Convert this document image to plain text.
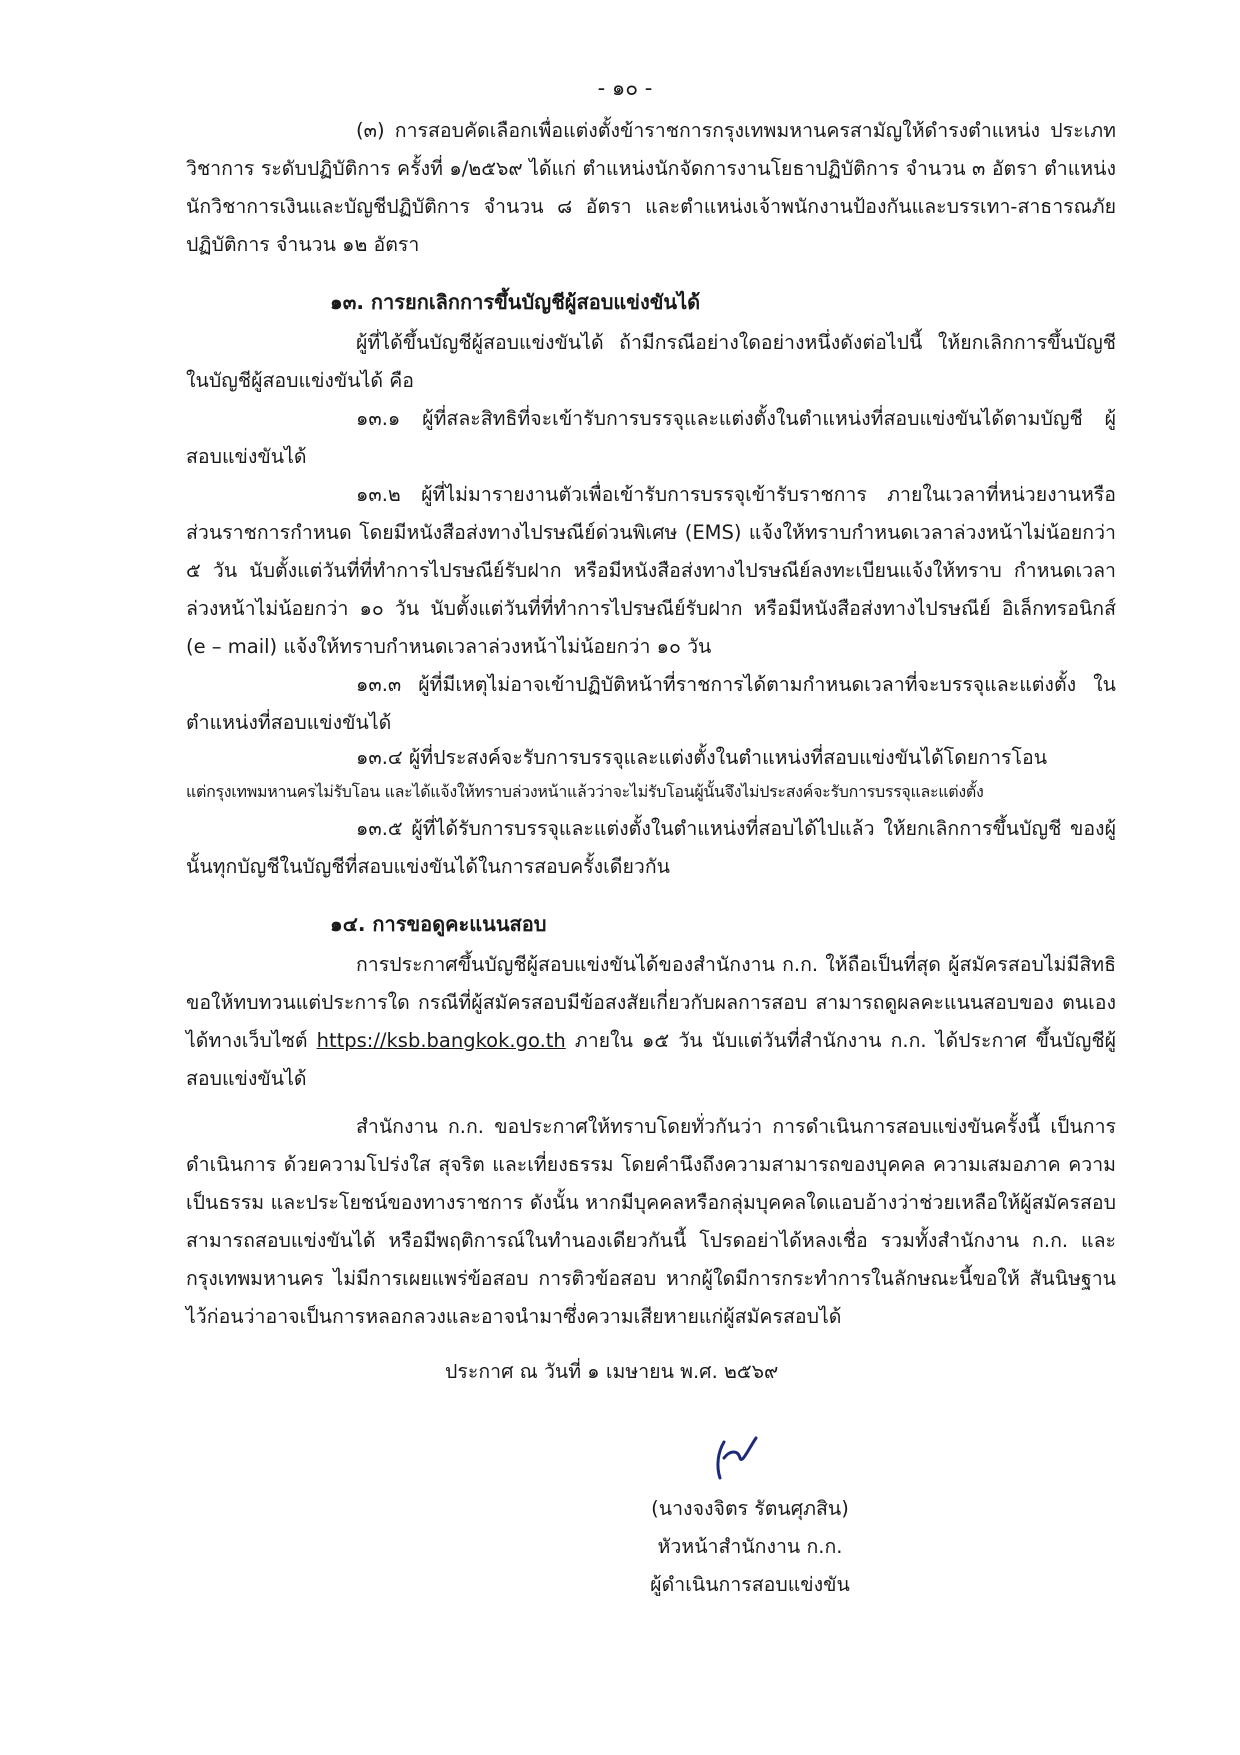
- ๑๐ -

(๓) การสอบคัดเลือกเพื่อแต่งตั้งข้าราชการกรุงเทพมหานครสามัญให้ดำรงตำแหน่ง ประเภทวิชาการ ระดับปฏิบัติการ ครั้งที่ ๑/๒๕๖๙ ได้แก่ ตำแหน่งนักจัดการงานโยธาปฏิบัติการ จำนวน ๓ อัตรา ตำแหน่งนักวิชาการเงินและบัญชีปฏิบัติการ จำนวน ๘ อัตรา และตำแหน่งเจ้าพนักงานป้องกันและบรรเทา-สาธารณภัยปฏิบัติการ จำนวน ๑๒ อัตรา

๑๓. การยกเลิกการขึ้นบัญชีผู้สอบแข่งขันได้

ผู้ที่ได้ขึ้นบัญชีผู้สอบแข่งขันได้ ถ้ามีกรณีอย่างใดอย่างหนึ่งดังต่อไปนี้ ให้ยกเลิกการขึ้นบัญชี ในบัญชีผู้สอบแข่งขันได้ คือ

๑๓.๑ ผู้ที่สละสิทธิที่จะเข้ารับการบรรจุและแต่งตั้งในตำแหน่งที่สอบแข่งขันได้ตามบัญชี ผู้สอบแข่งขันได้

๑๓.๒ ผู้ที่ไม่มารายงานตัวเพื่อเข้ารับการบรรจุเข้ารับราชการ ภายในเวลาที่หน่วยงานหรือ ส่วนราชการกำหนด โดยมีหนังสือส่งทางไปรษณีย์ด่วนพิเศษ (EMS) แจ้งให้ทราบกำหนดเวลาล่วงหน้าไม่น้อยกว่า ๕ วัน นับตั้งแต่วันที่ที่ทำการไปรษณีย์รับฝาก หรือมีหนังสือส่งทางไปรษณีย์ลงทะเบียนแจ้งให้ทราบ กำหนดเวลาล่วงหน้าไม่น้อยกว่า ๑๐ วัน นับตั้งแต่วันที่ที่ทำการไปรษณีย์รับฝาก หรือมีหนังสือส่งทางไปรษณีย์ อิเล็กทรอนิกส์ (e – mail) แจ้งให้ทราบกำหนดเวลาล่วงหน้าไม่น้อยกว่า ๑๐ วัน

๑๓.๓ ผู้ที่มีเหตุไม่อาจเข้าปฏิบัติหน้าที่ราชการได้ตามกำหนดเวลาที่จะบรรจุและแต่งตั้ง ในตำแหน่งที่สอบแข่งขันได้

๑๓.๔ ผู้ที่ประสงค์จะรับการบรรจุและแต่งตั้งในตำแหน่งที่สอบแข่งขันได้โดยการโอน

แต่กรุงเทพมหานครไม่รับโอน และได้แจ้งให้ทราบล่วงหน้าแล้วว่าจะไม่รับโอนผู้นั้นจึงไม่ประสงค์จะรับการบรรจุและแต่งตั้ง

๑๓.๕ ผู้ที่ได้รับการบรรจุและแต่งตั้งในตำแหน่งที่สอบได้ไปแล้ว ให้ยกเลิกการขึ้นบัญชี ของผู้นั้นทุกบัญชีในบัญชีที่สอบแข่งขันได้ในการสอบครั้งเดียวกัน

๑๔. การขอดูคะแนนสอบ

การประกาศขึ้นบัญชีผู้สอบแข่งขันได้ของสำนักงาน ก.ก. ให้ถือเป็นที่สุด ผู้สมัครสอบไม่มีสิทธิ ขอให้ทบทวนแต่ประการใด กรณีที่ผู้สมัครสอบมีข้อสงสัยเกี่ยวกับผลการสอบ สามารถดูผลคะแนนสอบของ ตนเองได้ทางเว็บไซต์ https://ksb.bangkok.go.th ภายใน ๑๕ วัน นับแต่วันที่สำนักงาน ก.ก. ได้ประกาศ ขึ้นบัญชีผู้สอบแข่งขันได้

สำนักงาน ก.ก. ขอประกาศให้ทราบโดยทั่วกันว่า การดำเนินการสอบแข่งขันครั้งนี้ เป็นการดำเนินการ ด้วยความโปร่งใส สุจริต และเที่ยงธรรม โดยคำนึงถึงความสามารถของบุคคล ความเสมอภาค ความเป็นธรรม และประโยชน์ของทางราชการ ดังนั้น หากมีบุคคลหรือกลุ่มบุคคลใดแอบอ้างว่าช่วยเหลือให้ผู้สมัครสอบ สามารถสอบแข่งขันได้ หรือมีพฤติการณ์ในทำนองเดียวกันนี้ โปรดอย่าได้หลงเชื่อ รวมทั้งสำนักงาน ก.ก. และ กรุงเทพมหานคร ไม่มีการเผยแพร่ข้อสอบ การติวข้อสอบ หากผู้ใดมีการกระทำการในลักษณะนี้ขอให้ สันนิษฐานไว้ก่อนว่าอาจเป็นการหลอกลวงและอาจนำมาซึ่งความเสียหายแก่ผู้สมัครสอบได้

ประกาศ ณ วันที่ ๑ เมษายน พ.ศ. ๒๕๖๙

(นางจงจิตร รัตนศุภสิน)

หัวหน้าสำนักงาน ก.ก.

ผู้ดำเนินการสอบแข่งขัน
